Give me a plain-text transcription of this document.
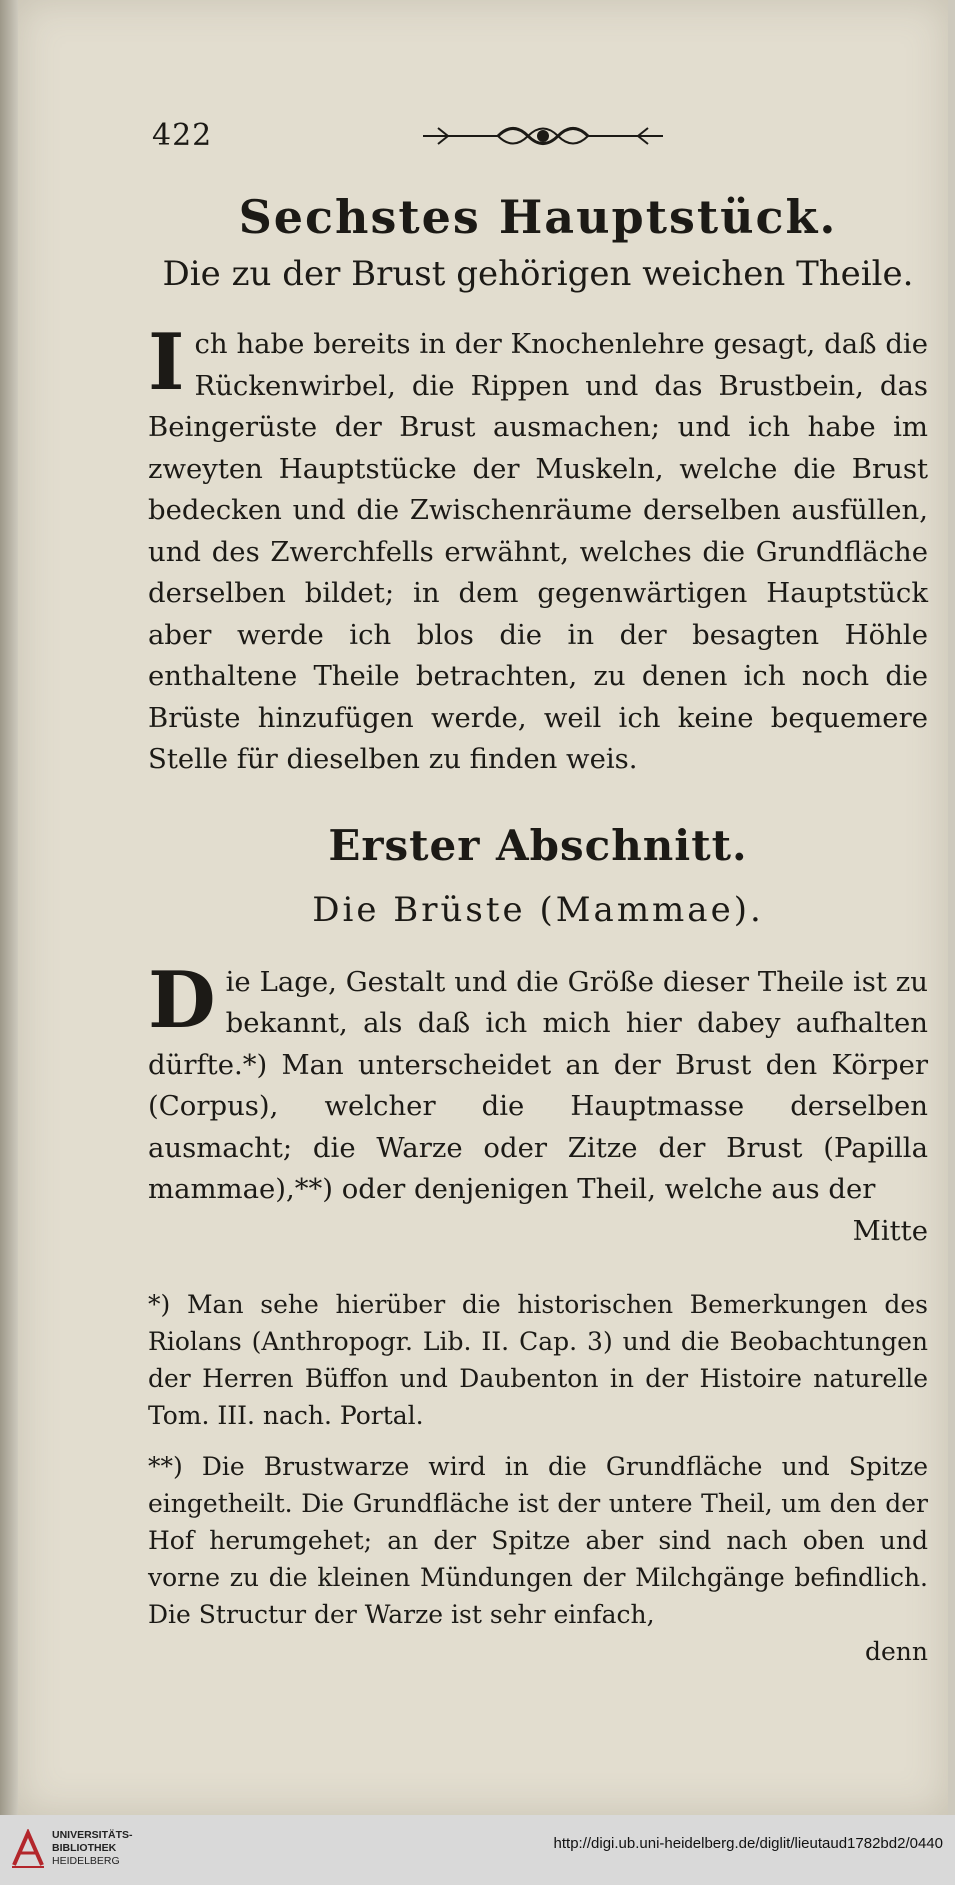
422
Sechstes Hauptstück.
Die zu der Brust gehörigen weichen Theile.
Ich habe bereits in der Knochenlehre gesagt, daß die Rückenwirbel, die Rippen und das Brustbein, das Beingerüste der Brust ausmachen; und ich habe im zweyten Hauptstücke der Muskeln, welche die Brust bedecken und die Zwischenräume derselben ausfüllen, und des Zwerchfells erwähnt, welches die Grundfläche derselben bildet; in dem gegenwärtigen Hauptstück aber werde ich blos die in der besagten Höhle enthaltene Theile betrachten, zu denen ich noch die Brüste hinzufügen werde, weil ich keine bequemere Stelle für dieselben zu finden weis.
Erster Abschnitt.
Die Brüste (Mammae).
Die Lage, Gestalt und die Größe dieser Theile ist zu bekannt, als daß ich mich hier dabey aufhalten dürfte.*) Man unterscheidet an der Brust den Körper (Corpus), welcher die Hauptmasse derselben ausmacht; die Warze oder Zitze der Brust (Papilla mammae),**) oder denjenigen Theil, welche aus der
Mitte
*) Man sehe hierüber die historischen Bemerkungen des Riolans (Anthropogr. Lib. II. Cap. 3) und die Beobachtungen der Herren Büffon und Daubenton in der Histoire naturelle Tom. III. nach. Portal.
**) Die Brustwarze wird in die Grundfläche und Spitze eingetheilt. Die Grundfläche ist der untere Theil, um den der Hof herumgehet; an der Spitze aber sind nach oben und vorne zu die kleinen Mündungen der Milchgänge befindlich. Die Structur der Warze ist sehr einfach,
denn
UNIVERSITÄTS-
BIBLIOTHEK
HEIDELBERG
http://digi.ub.uni-heidelberg.de/diglit/lieutaud1782bd2/0440
